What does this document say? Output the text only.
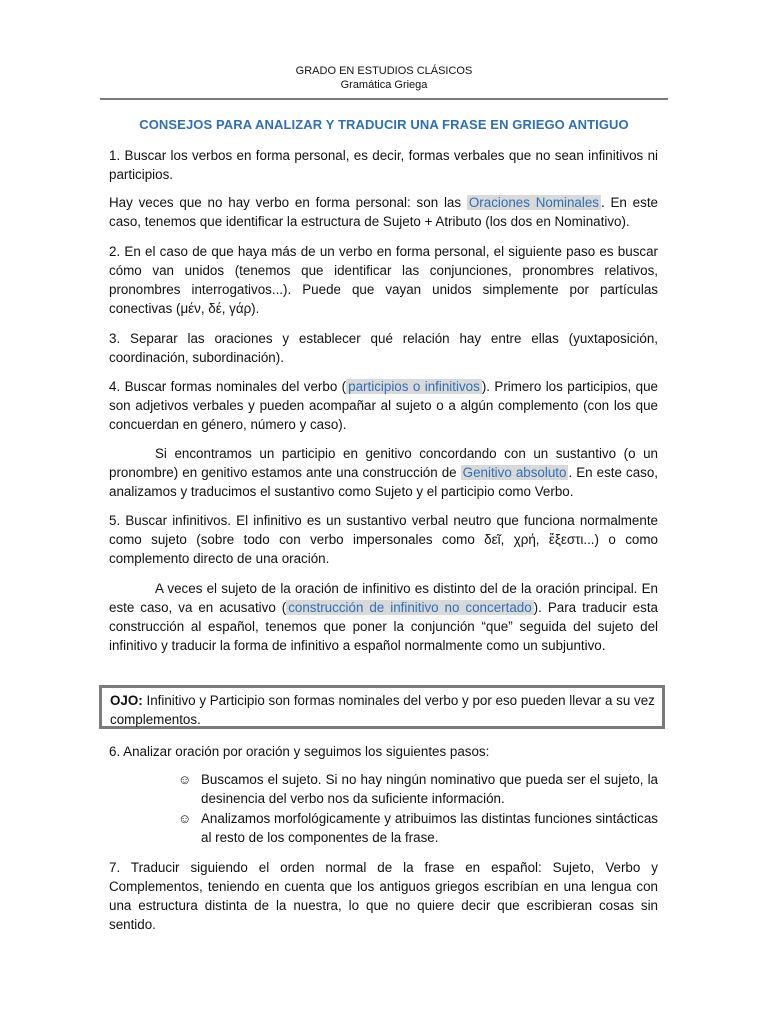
GRADO EN ESTUDIOS CLÁSICOS
Gramática Griega
CONSEJOS PARA ANALIZAR Y TRADUCIR UNA FRASE EN GRIEGO ANTIGUO

1. Buscar los verbos en forma personal, es decir, formas verbales que no sean infinitivos ni participios.

Hay veces que no hay verbo en forma personal: son las Oraciones Nominales . En este caso, tenemos que identificar la estructura de Sujeto + Atributo (los dos en Nominativo).

2. En el caso de que haya más de un verbo en forma personal, el siguiente paso es buscar cómo van unidos (tenemos que identificar las conjunciones, pronombres relativos, pronombres interrogativos...). Puede que vayan unidos simplemente por partículas conectivas (μέν, δέ, γάρ).

3. Separar las oraciones y establecer qué relación hay entre ellas (yuxtaposición, coordinación, subordinación).

4. Buscar formas nominales del verbo ( participios o infinitivos ). Primero los participios, que son adjetivos verbales y pueden acompañar al sujeto o a algún complemento (con los que concuerdan en género, número y caso).

Si encontramos un participio en genitivo concordando con un sustantivo (o un pronombre) en genitivo estamos ante una construcción de Genitivo absoluto . En este caso, analizamos y traducimos el sustantivo como Sujeto y el participio como Verbo.

5. Buscar infinitivos. El infinitivo es un sustantivo verbal neutro que funciona normalmente como sujeto (sobre todo con verbo impersonales como δεῖ, χρή, ἔξεστι...) o como complemento directo de una oración.

A veces el sujeto de la oración de infinitivo es distinto del de la oración principal. En este caso, va en acusativo ( construcción de infinitivo no concertado ). Para traducir esta construcción al español, tenemos que poner la conjunción “que” seguida del sujeto del infinitivo y traducir la forma de infinitivo a español normalmente como un subjuntivo.

OJO: Infinitivo y Participio son formas nominales del verbo y por eso pueden llevar a su vez complementos.

6. Analizar oración por oración y seguimos los siguientes pasos:

☺ Buscamos el sujeto. Si no hay ningún nominativo que pueda ser el sujeto, la desinencia del verbo nos da suficiente información.

☺ Analizamos morfológicamente y atribuimos las distintas funciones sintácticas al resto de los componentes de la frase.

7. Traducir siguiendo el orden normal de la frase en español: Sujeto, Verbo y Complementos, teniendo en cuenta que los antiguos griegos escribían en una lengua con una estructura distinta de la nuestra, lo que no quiere decir que escribieran cosas sin sentido.
